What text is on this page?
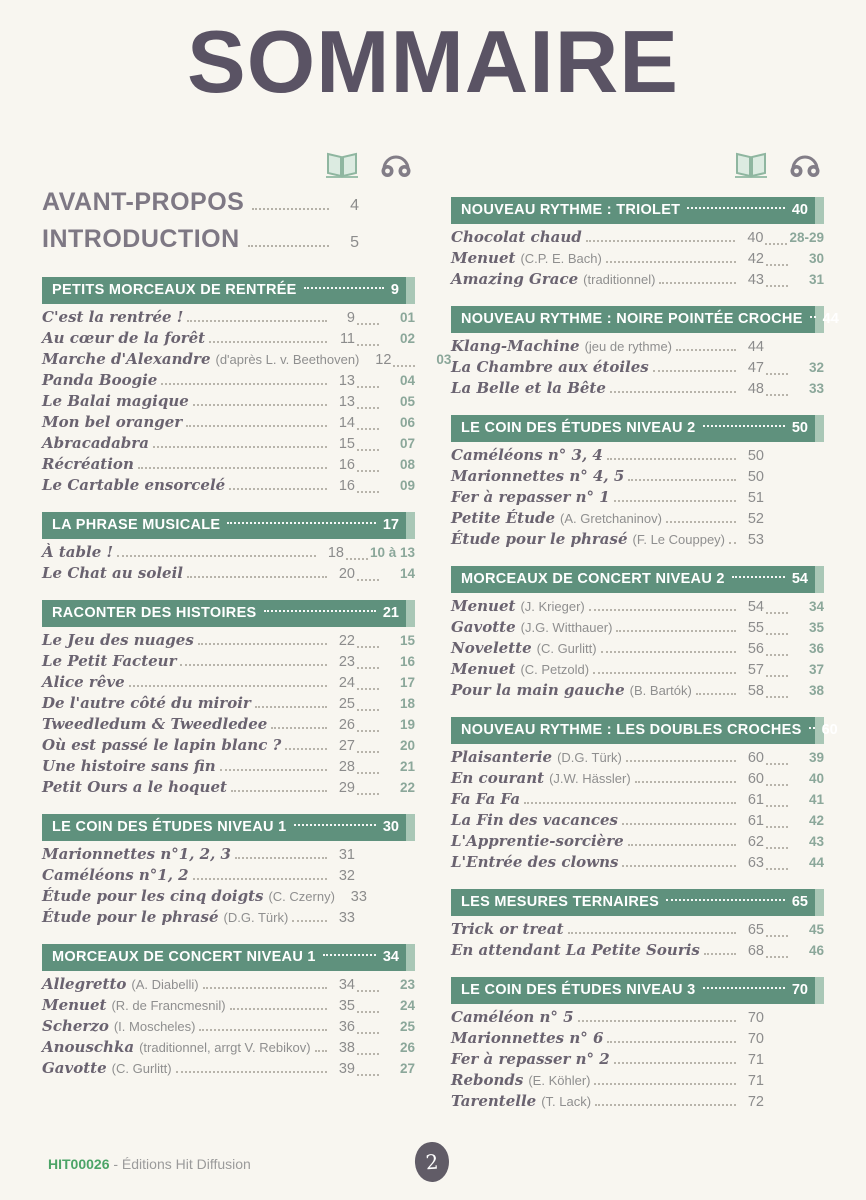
SOMMAIRE
AVANT-PROPOS	4
INTRODUCTION	5
PETITS MORCEAUX DE RENTRÉE	9
C'est la rentrée !	9	01
Au cœur de la forêt	11	02
Marche d'Alexandre (d'après L. v. Beethoven)	12	03
Panda Boogie	13	04
Le Balai magique	13	05
Mon bel oranger	14	06
Abracadabra	15	07
Récréation	16	08
Le Cartable ensorcelé	16	09
LA PHRASE MUSICALE	17
À table !	18 10 à 13
Le Chat au soleil	20	14
RACONTER DES HISTOIRES	21
Le Jeu des nuages	22	15
Le Petit Facteur	23	16
Alice rêve	24	17
De l'autre côté du miroir	25	18
Tweedledum & Tweedledee	26	19
Où est passé le lapin blanc ?	27	20
Une histoire sans fin	28	21
Petit Ours a le hoquet	29	22
LE COIN DES ÉTUDES NIVEAU 1	30
Marionnettes n°1, 2, 3	31
Caméléons n°1, 2	32
Étude pour les cinq doigts (C. Czerny)	33
Étude pour le phrasé (D.G. Türk)	33
MORCEAUX DE CONCERT NIVEAU 1	34
Allegretto (A. Diabelli)	34	23
Menuet (R. de Francmesnil)	35	24
Scherzo (I. Moscheles)	36	25
Anouschka (traditionnel, arrgt V. Rebikov)	38	26
Gavotte (C. Gurlitt)	39	27
NOUVEAU RYTHME : TRIOLET	40
Chocolat chaud	40 28-29
Menuet (C.P. E. Bach)	42	30
Amazing Grace (traditionnel)	43	31
NOUVEAU RYTHME : NOIRE POINTÉE CROCHE 44
Klang-Machine (jeu de rythme)	44
La Chambre aux étoiles	47	32
La Belle et la Bête	48	33
LE COIN DES ÉTUDES NIVEAU 2	50
Caméléons n° 3, 4	50
Marionnettes n° 4, 5	50
Fer à repasser n° 1	51
Petite Étude (A. Gretchaninov)	52
Étude pour le phrasé (F. Le Couppey)	53
MORCEAUX DE CONCERT NIVEAU 2	54
Menuet (J. Krieger)	54	34
Gavotte (J.G. Witthauer)	55	35
Novelette (C. Gurlitt)	56	36
Menuet (C. Petzold)	57	37
Pour la main gauche (B. Bartók)	58	38
NOUVEAU RYTHME : LES DOUBLES CROCHES 60
Plaisanterie (D.G. Türk)	60	39
En courant (J.W. Hässler)	60	40
Fa Fa Fa	61	41
La Fin des vacances	61	42
L'Apprentie-sorcière	62	43
L'Entrée des clowns	63	44
LES MESURES TERNAIRES	65
Trick or treat	65	45
En attendant La Petite Souris	68	46
LE COIN DES ÉTUDES NIVEAU 3	70
Caméléon n° 5	70
Marionnettes n° 6	70
Fer à repasser n° 2	71
Rebonds (E. Köhler)	71
Tarentelle (T. Lack)	72
HIT00026 - Éditions Hit Diffusion	2
